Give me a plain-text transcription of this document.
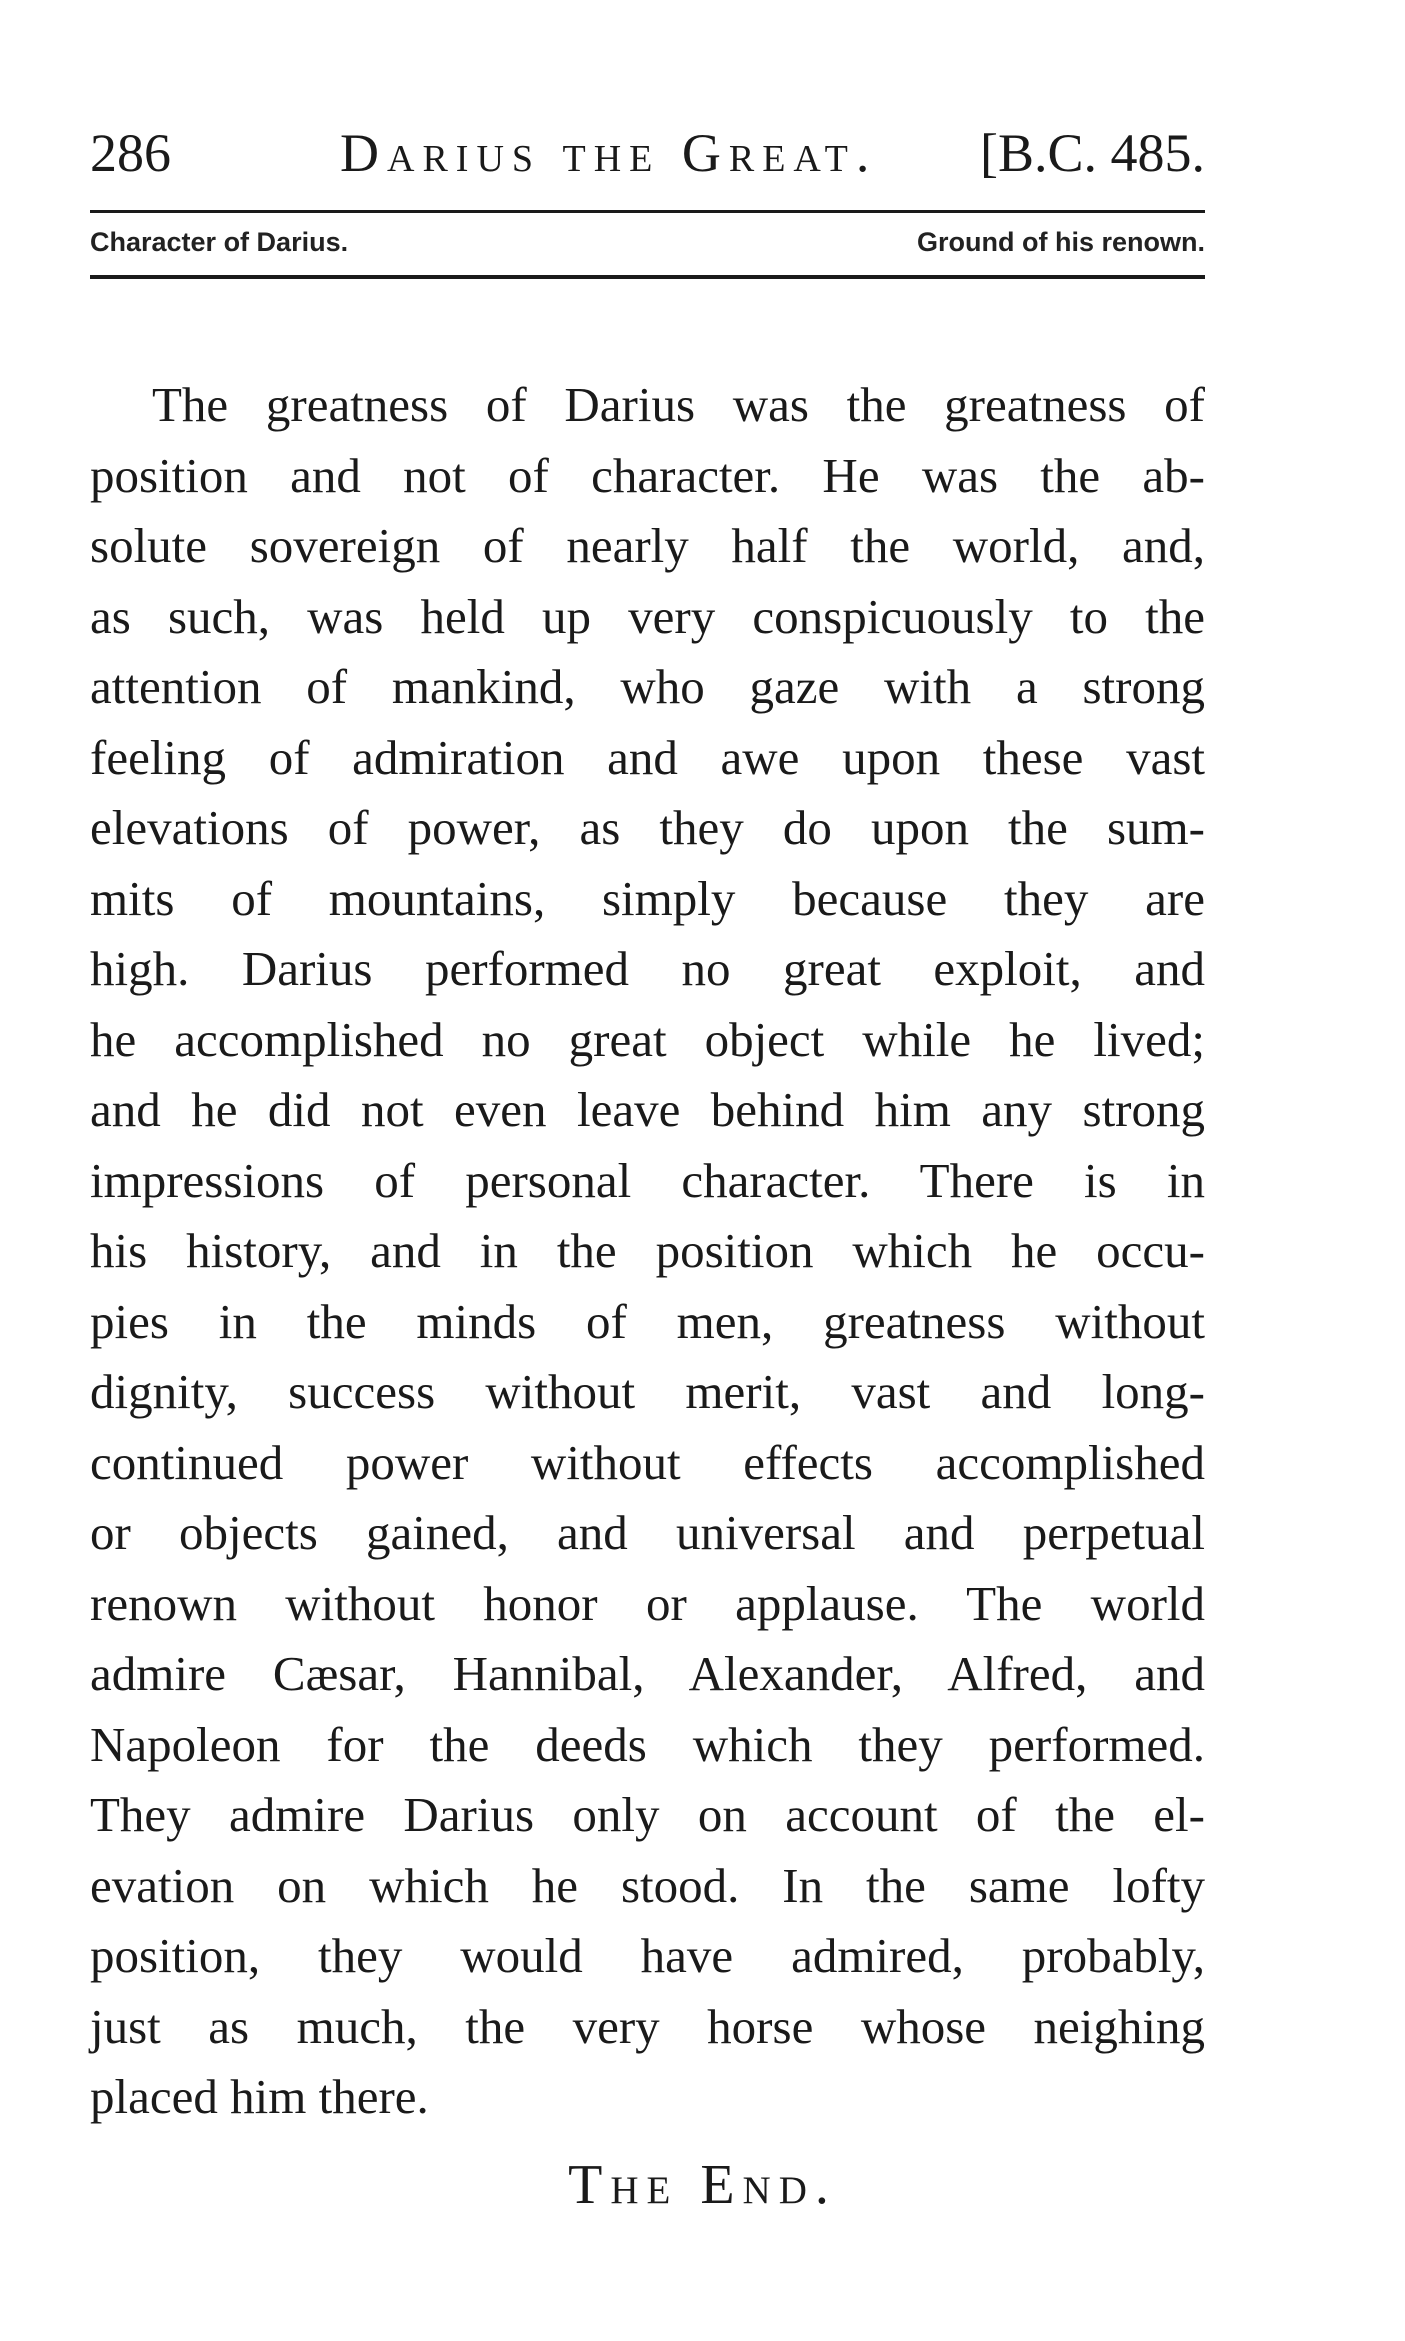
286	Darius the Great. [B.C. 485.
Character of Darius.	Ground of his renown.
The greatness of Darius was the greatness of
position and not of character. He was the ab-
solute sovereign of nearly half the world, and,
as such, was held up very conspicuously to the
attention of mankind, who gaze with a strong
feeling of admiration and awe upon these vast
elevations of power, as they do upon the sum-
mits of mountains, simply because they are
high. Darius performed no great exploit, and
he accomplished no great object while he lived;
and he did not even leave behind him any strong
impressions of personal character. There is in
his history, and in the position which he occu-
pies in the minds of men, greatness without
dignity, success without merit, vast and long-
continued power without effects accomplished
or objects gained, and universal and perpetual
renown without honor or applause. The world
admire Cæsar, Hannibal, Alexander, Alfred, and
Napoleon for the deeds which they performed.
They admire Darius only on account of the el-
evation on which he stood. In the same lofty
position, they would have admired, probably,
just as much, the very horse whose neighing
placed him there.
The End.
